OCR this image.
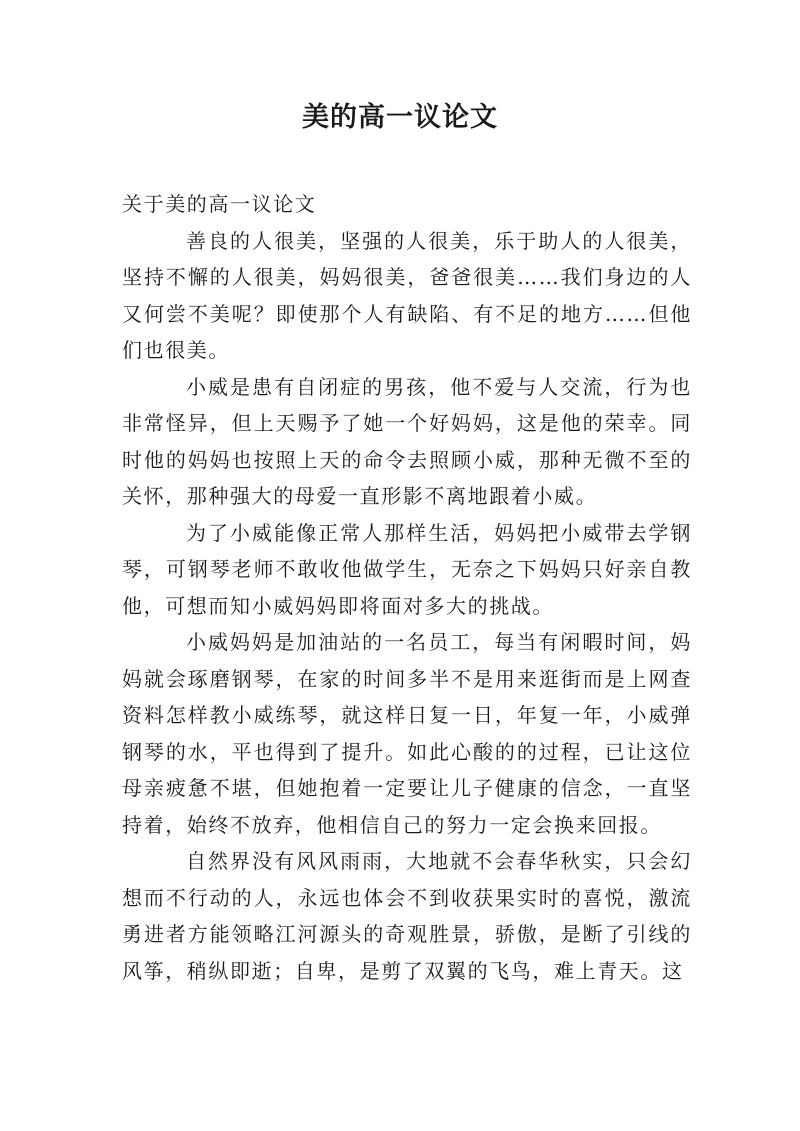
美的高一议论文

关于美的高一议论文

善良的人很美，坚强的人很美，乐于助人的人很美，坚持不懈的人很美，妈妈很美，爸爸很美……我们身边的人又何尝不美呢？即使那个人有缺陷、有不足的地方……但他们也很美。

小威是患有自闭症的男孩，他不爱与人交流，行为也非常怪异，但上天赐予了她一个好妈妈，这是他的荣幸。同时他的妈妈也按照上天的命令去照顾小威，那种无微不至的关怀，那种强大的母爱一直形影不离地跟着小威。

为了小威能像正常人那样生活，妈妈把小威带去学钢琴，可钢琴老师不敢收他做学生，无奈之下妈妈只好亲自教他，可想而知小威妈妈即将面对多大的挑战。

小威妈妈是加油站的一名员工，每当有闲暇时间，妈妈就会琢磨钢琴，在家的时间多半不是用来逛街而是上网查资料怎样教小威练琴，就这样日复一日，年复一年，小威弹钢琴的水，平也得到了提升。如此心酸的的过程，已让这位母亲疲惫不堪，但她抱着一定要让儿子健康的信念，一直坚持着，始终不放弃，他相信自己的努力一定会换来回报。

自然界没有风风雨雨，大地就不会春华秋实，只会幻想而不行动的人，永远也体会不到收获果实时的喜悦，激流勇进者方能领略江河源头的奇观胜景，骄傲，是断了引线的风筝，稍纵即逝；自卑，是剪了双翼的飞鸟，难上青天。这
